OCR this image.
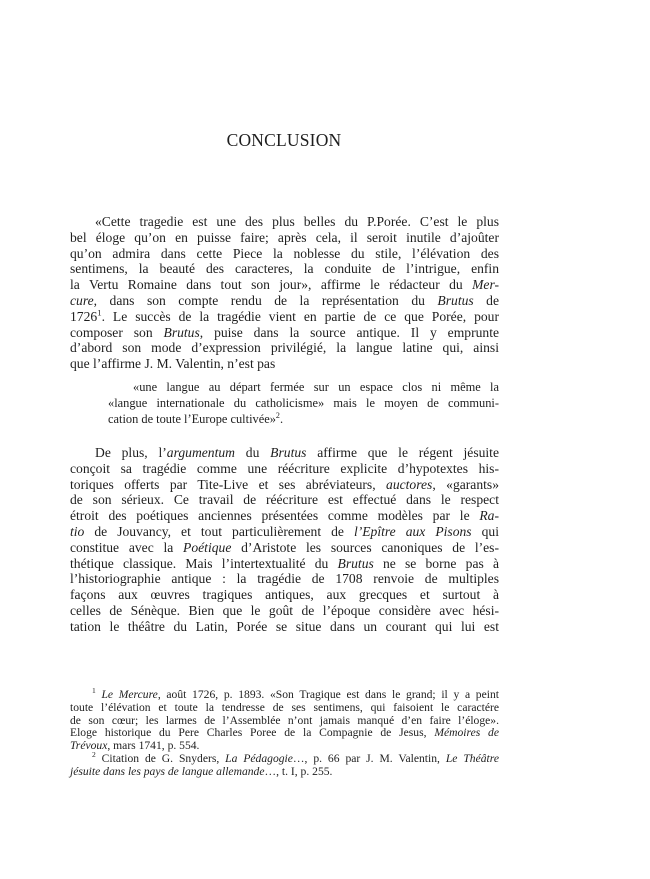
CONCLUSION
«Cette tragedie est une des plus belles du P.Porée. C’est le plus
bel éloge qu’on en puisse faire; après cela, il seroit inutile d’ajoûter
qu’on admira dans cette Piece la noblesse du stile, l’élévation des
sentimens, la beauté des caracteres, la conduite de l’intrigue, enfin
la Vertu Romaine dans tout son jour», affirme le rédacteur du Mer-
cure, dans son compte rendu de la représentation du Brutus de
1726$^1$. Le succès de la tragédie vient en partie de ce que Porée, pour
composer son Brutus, puise dans la source antique. Il y emprunte
d’abord son mode d’expression privilégié, la langue latine qui, ainsi
que l’affirme J. M. Valentin, n’est pas
«une langue au départ fermée sur un espace clos ni même la
«langue internationale du catholicisme» mais le moyen de communi-
cation de toute l’Europe cultivée»$^2$.
De plus, l’argumentum du Brutus affirme que le régent jésuite
conçoit sa tragédie comme une réécriture explicite d’hypotextes his-
toriques offerts par Tite-Live et ses abréviateurs, auctores, «garants»
de son sérieux. Ce travail de réécriture est effectué dans le respect
étroit des poétiques anciennes présentées comme modèles par le Ra-
tio de Jouvancy, et tout particulièrement de l’Epître aux Pisons qui
constitue avec la Poétique d’Aristote les sources canoniques de l’es-
thétique classique. Mais l’intertextualité du Brutus ne se borne pas à
l’historiographie antique : la tragédie de 1708 renvoie de multiples
façons aux œuvres tragiques antiques, aux grecques et surtout à
celles de Sénèque. Bien que le goût de l’époque considère avec hési-
tation le théâtre du Latin, Porée se situe dans un courant qui lui est
$^1$ Le Mercure, août 1726, p. 1893. «Son Tragique est dans le grand; il y a peint
toute l’élévation et toute la tendresse de ses sentimens, qui faisoient le caractére
de son cœur; les larmes de l’Assemblée n’ont jamais manqué d’en faire l’éloge».
Eloge historique du Pere Charles Poree de la Compagnie de Jesus, Mémoires de
Trévoux, mars 1741, p. 554.
$^2$ Citation de G. Snyders, La Pédagogie…, p. 66 par J. M. Valentin, Le Théâtre
jésuite dans les pays de langue allemande…, t. I, p. 255.
